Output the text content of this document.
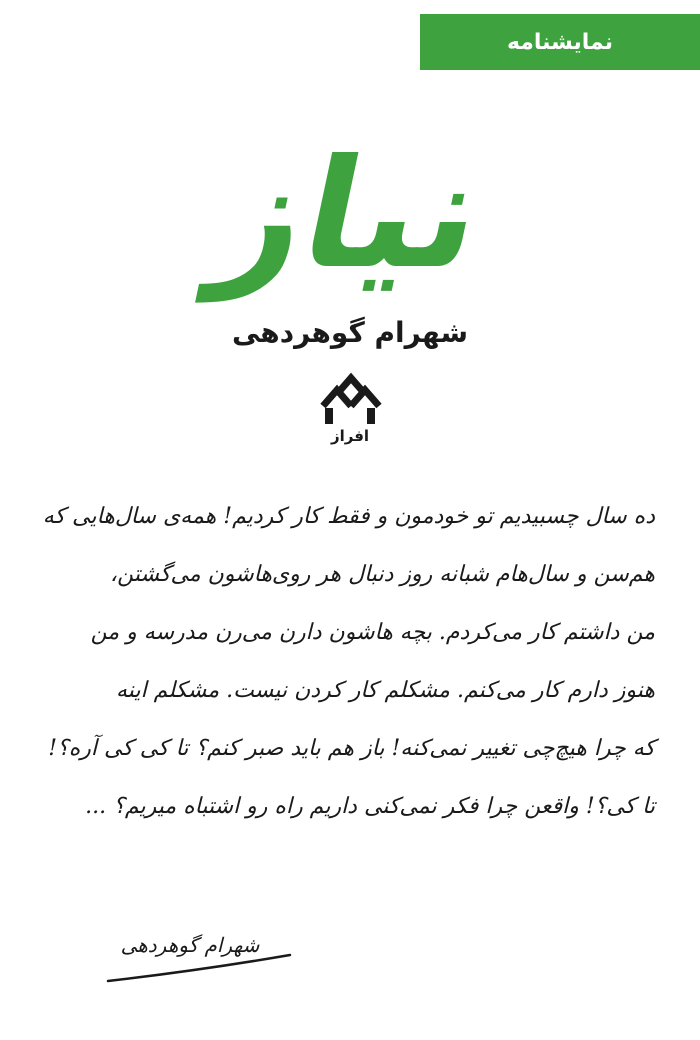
نمایشنامه
نیاز
شهرام گوهردهی
افراز
ده سال چسبیدیم تو خودمون و فقط کار کردیم! همه‌ی سال‌هایی که
هم‌سن و سال‌هام شبانه روز دنبال هر روی‌هاشون می‌گشتن،
من داشتم کار می‌کردم. بچه هاشون دارن می‌رن مدرسه و من
هنوز دارم کار می‌کنم. مشکلم کار کردن نیست. مشکلم اینه
که چرا هیچ‌چی تغییر نمی‌کنه! باز هم باید صبر کنم؟ تا کی کی آره؟!
تا کی؟! واقعن چرا فکر نمی‌کنی داریم راه رو اشتباه میریم؟ ...
شهرام گوهردهی
